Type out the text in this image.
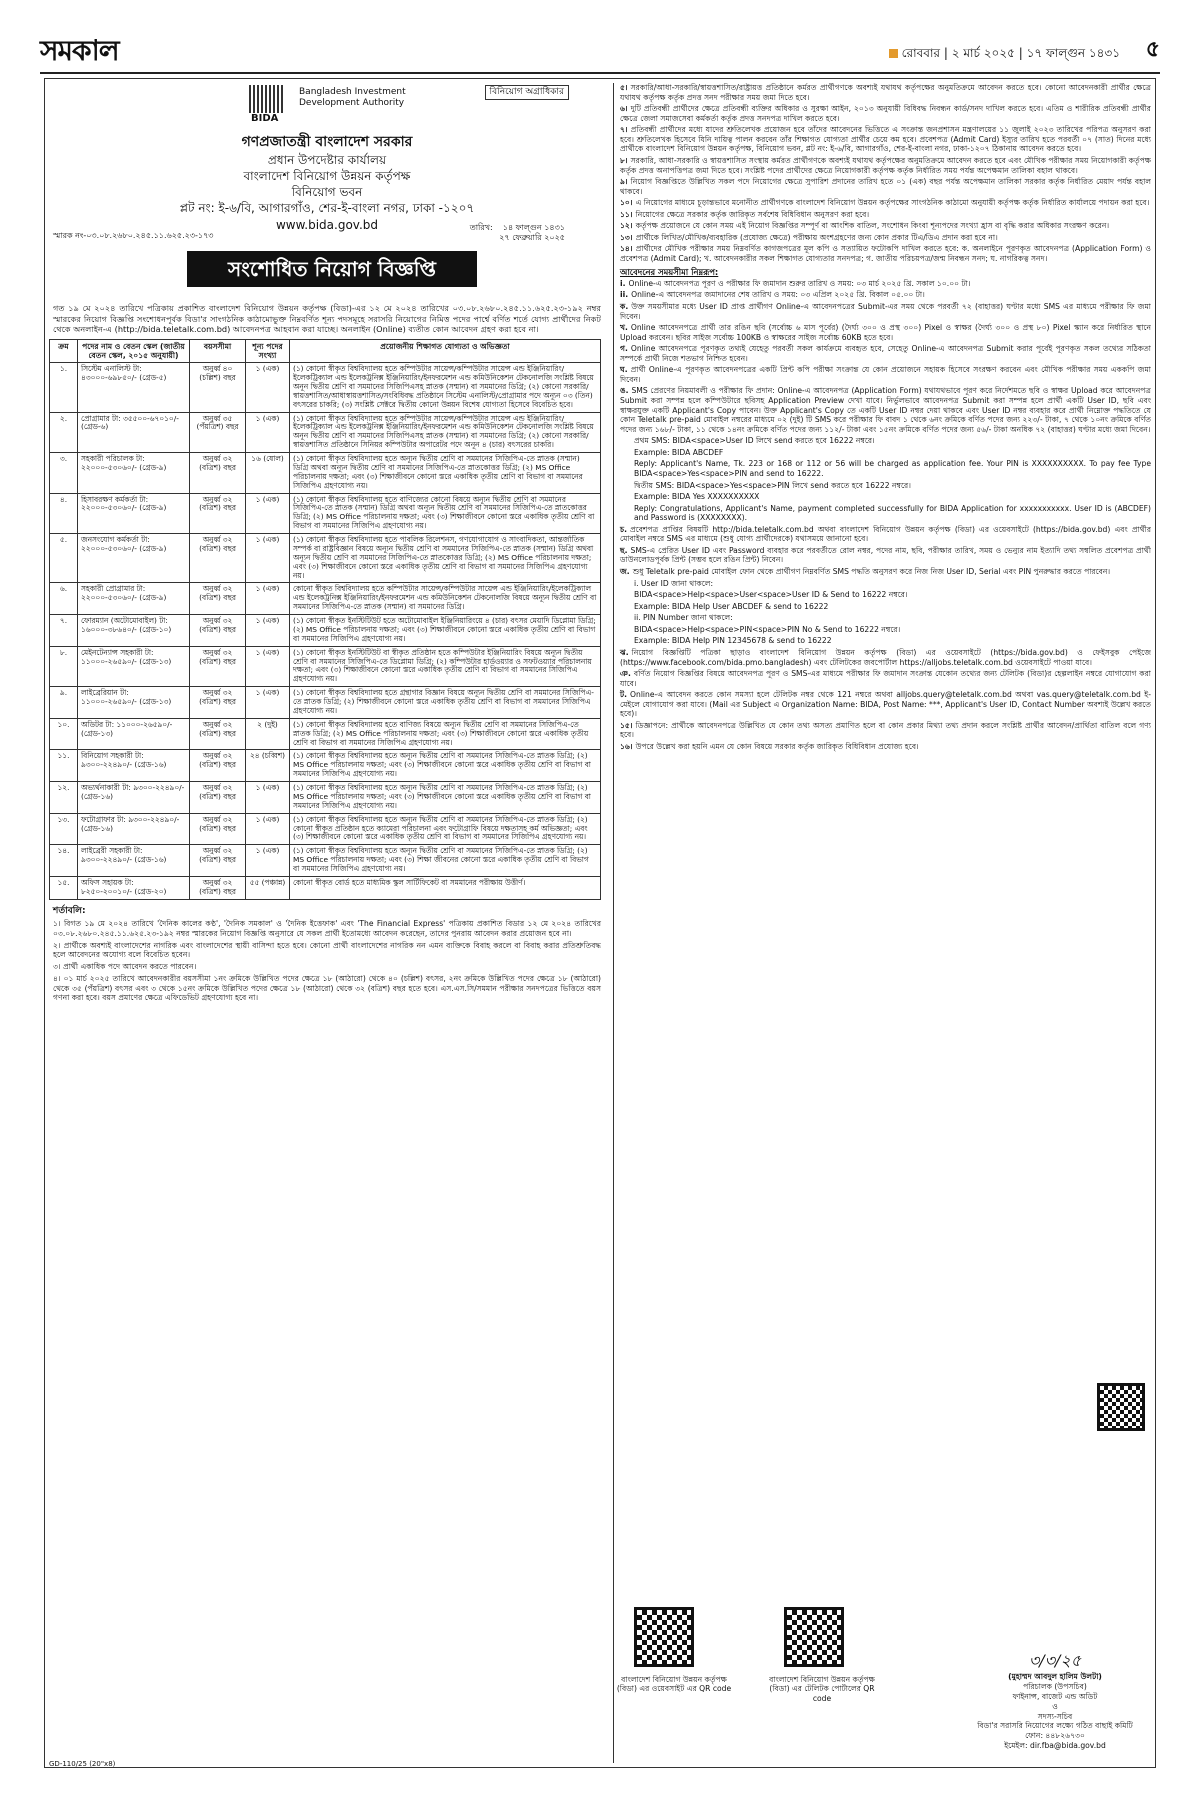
সমকাল	রোববার | ২ মার্চ ২০২৫ | ১৭ ফাল্গুন ১৪৩১ ৫
BIDA
Bangladesh Investment Development Authority
বিনিয়োগ অগ্রাধিকার
গণপ্রজাতন্ত্রী বাংলাদেশ সরকার
প্রধান উপদেষ্টার কার্যালয়
বাংলাদেশ বিনিয়োগ উন্নয়ন কর্তৃপক্ষ
বিনিয়োগ ভবন
প্লট নং: ই-৬/বি, আগারগাঁও, শের-ই-বাংলা নগর, ঢাকা -১২০৭
www.bida.gov.bd
স্মারক নং-০৩.০৮.২৬৮০.২৪৫.১১.৬২৫.২৩-১৭৩
তারিখ: ১৪ ফাল্গুন ১৪৩১
২৭ ফেব্রুয়ারি ২০২৫
সংশোধিত নিয়োগ বিজ্ঞপ্তি
গত ১৯ মে ২০২৪ তারিখে পত্রিকায় প্রকাশিত বাংলাদেশ বিনিয়োগ উন্নয়ন কর্তৃপক্ষ (বিডা)-এর ১২ মে ২০২৪ তারিখের ০৩.০৮.২৬৮০.২৪৫.১১.৬২৫.২৩-১৯২ নম্বর স্মারকের নিয়োগ বিজ্ঞপ্তি সংশোধনপূর্বক বিডা'র সাংগঠনিক কাঠামোভুক্ত নিম্নবর্ণিত শূন্য পদসমূহে সরাসরি নিয়োগের নিমিত্ত পদের পার্শ্বে বর্ণিত শর্তে যোগ্য প্রার্থীদের নিকট থেকে অনলাইন-এ (http://bida.teletalk.com.bd) আবেদনপত্র আহবান করা যাচ্ছে। অনলাইন (Online) ব্যতীত কোন আবেদন গ্রহণ করা হবে না।
ক্রম	পদের নাম ও বেতন স্কেল (জাতীয় বেতন স্কেল, ২০১৫ অনুযায়ী)	বয়সসীমা	শূন্য পদের সংখ্যা	প্রয়োজনীয় শিক্ষাগত যোগ্যতা ও অভিজ্ঞতা
১.	সিস্টেম এনালিস্ট টা: ৪৩০০০-৬৯৮৫০/- (গ্রেড-৫)	অনুর্ধ্ব ৪০ (চল্লিশ) বছর	১ (এক)	(১) কোনো স্বীকৃত বিশ্ববিদ্যালয় হতে কম্পিউটার সায়েন্স/কম্পিউটার সায়েন্স এন্ড ইঞ্জিনিয়ারিং/ইলেকট্রিক্যাল এন্ড ইলেকট্রনিক্স ইঞ্জিনিয়ারিং/ইনফরমেশন এন্ড কমিউনিকেশন টেকনোলজি সংশ্লিষ্ট বিষয়ে অনূন দ্বিতীয় শ্রেণি বা সমমানের সিজিপিএসহ স্নাতক (সম্মান) বা সমমানের ডিগ্রি; (২) কোনো সরকারি/স্বায়ত্তশাসিত/আধাস্বায়ত্তশাসিত/সংবিধিবদ্ধ প্রতিষ্ঠানে সিস্টেম এনালিস্ট/প্রোগ্রামার পদে অন্যূন ০৩ (তিন) বৎসরের চাকরি; (৩) সংশ্লিষ্ট সেক্টরে দ্বিতীয় কোনো উন্নয়ন বিশেষ যোগ্যতা হিসেবে বিবেচিত হবে।
২.	প্রোগ্রামার টা: ৩৫৫০০-৬৭০১০/- (গ্রেড-৬)	অনুর্ধ্ব ৩৫ (পঁয়ত্রিশ) বছর	১ (এক)	(১) কোনো স্বীকৃত বিশ্ববিদ্যালয় হতে কম্পিউটার সায়েন্স/কম্পিউটার সায়েন্স এন্ড ইঞ্জিনিয়ারিং/ইলেকট্রিক্যাল এন্ড ইলেকট্রনিক্স ইঞ্জিনিয়ারিং/ইনফরমেশন এন্ড কমিউনিকেশন টেকনোলজি সংশ্লিষ্ট বিষয়ে অনূন দ্বিতীয় শ্রেণি বা সমমানের সিজিপিএসহ স্নাতক (সম্মান) বা সমমানের ডিগ্রি; (২) কোনো সরকারি/স্বায়ত্তশাসিত প্রতিষ্ঠানে সিনিয়র কম্পিউটার অপারেটর পদে অনূন ৪ (চার) বৎসরের চাকরি।
৩.	সহকারী পরিচালক টা: ২২০০০-৫৩০৬০/- (গ্রেড-৯)	অনুর্ধ্ব ৩২ (বত্রিশ) বছর	১৬ (ষোল)	(১) কোনো স্বীকৃত বিশ্ববিদ্যালয় হতে অন্যূন দ্বিতীয় শ্রেণি বা সমমানের সিজিপিএ-তে স্নাতক (সম্মান) ডিগ্রি অথবা অন্যূন দ্বিতীয় শ্রেণি বা সমমানের সিজিপিএ-তে স্নাতকোত্তর ডিগ্রি; (২) MS Office পরিচালনায় দক্ষতা; এবং (৩) শিক্ষাজীবনে কোনো স্তরে একাধিক তৃতীয় শ্রেণি বা বিভাগ বা সমমানের সিজিপিএ গ্রহণযোগ্য নয়।
৪.	হিসাবরক্ষণ কর্মকর্তা টা: ২২০০০-৫৩০৬০/- (গ্রেড-৯)	অনুর্ধ্ব ৩২ (বত্রিশ) বছর	১ (এক)	(১) কোনো স্বীকৃত বিশ্ববিদ্যালয় হতে বাণিজ্যের কোনো বিষয়ে অন্যূন দ্বিতীয় শ্রেণি বা সমমানের সিজিপিএ-তে স্নাতক (সম্মান) ডিগ্রি অথবা অন্যূন দ্বিতীয় শ্রেণি বা সমমানের সিজিপিএ-তে স্নাতকোত্তর ডিগ্রি; (২) MS Office পরিচালনায় দক্ষতা; এবং (৩) শিক্ষাজীবনে কোনো স্তরে একাধিক তৃতীয় শ্রেণি বা বিভাগ বা সমমানের সিজিপিএ গ্রহণযোগ্য নয়।
৫.	জনসংযোগ কর্মকর্তা টা: ২২০০০-৫৩০৬০/- (গ্রেড-৯)	অনুর্ধ্ব ৩২ (বত্রিশ) বছর	১ (এক)	(১) কোনো স্বীকৃত বিশ্ববিদ্যালয় হতে পাবলিক রিলেশনস, গণযোগাযোগ ও সাংবাদিকতা, আন্তর্জাতিক সম্পর্ক বা রাষ্ট্রবিজ্ঞান বিষয়ে অন্যূন দ্বিতীয় শ্রেণি বা সমমানের সিজিপিএ-তে স্নাতক (সম্মান) ডিগ্রি অথবা অন্যূন দ্বিতীয় শ্রেণি বা সমমানের সিজিপিএ-তে স্নাতকোত্তর ডিগ্রি; (২) MS Office পরিচালনায় দক্ষতা; এবং (৩) শিক্ষাজীবনে কোনো স্তরে একাধিক তৃতীয় শ্রেণি বা বিভাগ বা সমমানের সিজিপিএ গ্রহণযোগ্য নয়।
৬.	সহকারী প্রোগ্রামার টা: ২২০০০-৫৩০৬০/- (গ্রেড-৯)	অনুর্ধ্ব ৩২ (বত্রিশ) বছর	১ (এক)	কোনো স্বীকৃত বিশ্ববিদ্যালয় হতে কম্পিউটার সায়েন্স/কম্পিউটার সায়েন্স এন্ড ইঞ্জিনিয়ারিং/ইলেকট্রিক্যাল এন্ড ইলেকট্রনিক্স ইঞ্জিনিয়ারিং/ইনফরমেশন এন্ড কমিউনিকেশন টেকনোলজি বিষয়ে অন্যূন দ্বিতীয় শ্রেণি বা সমমানের সিজিপিএ-তে স্নাতক (সম্মান) বা সমমানের ডিগ্রি।
৭.	ফোরম্যান (অটোমোবাইল) টা: ১৬০০০-৩৮৬৪০/- (গ্রেড-১০)	অনুর্ধ্ব ৩২ (বত্রিশ) বছর	১ (এক)	(১) কোনো স্বীকৃত ইনস্টিটিউট হতে অটোমোবাইল ইঞ্জিনিয়ারিংয়ে ৪ (চার) বৎসর মেয়াদি ডিপ্লোমা ডিগ্রি; (২) MS Office পরিচালনায় দক্ষতা; এবং (৩) শিক্ষাজীবনে কোনো স্তরে একাধিক তৃতীয় শ্রেণি বা বিভাগ বা সমমানের সিজিপিএ গ্রহণযোগ্য নয়।
৮.	মেইনটেন্যান্স সহকারী টা: ১১০০০-২৬৫৯০/- (গ্রেড-১৩)	অনুর্ধ্ব ৩২ (বত্রিশ) বছর	১ (এক)	(১) কোনো স্বীকৃত ইনস্টিটিউট বা স্বীকৃত প্রতিষ্ঠান হতে কম্পিউটার ইঞ্জিনিয়ারিং বিষয়ে অন্যূন দ্বিতীয় শ্রেণি বা সমমানের সিজিপিএ-তে ডিপ্লোমা ডিগ্রি; (২) কম্পিউটার হার্ডওয়্যার ও সফটওয়্যার পরিচালনায় দক্ষতা; এবং (৩) শিক্ষাজীবনে কোনো স্তরে একাধিক তৃতীয় শ্রেণি বা বিভাগ বা সমমানের সিজিপিএ গ্রহণযোগ্য নয়।
৯.	লাইব্রেরিয়ান টা: ১১০০০-২৬৫৯০/- (গ্রেড-১৩)	অনুর্ধ্ব ৩২ (বত্রিশ) বছর	১ (এক)	(১) কোনো স্বীকৃত বিশ্ববিদ্যালয় হতে গ্রন্থাগার বিজ্ঞান বিষয়ে অন্যূন দ্বিতীয় শ্রেণি বা সমমানের সিজিপিএ-তে স্নাতক ডিগ্রি; (২) শিক্ষাজীবনে কোনো স্তরে একাধিক তৃতীয় শ্রেণি বা বিভাগ বা সমমানের সিজিপিএ গ্রহণযোগ্য নয়।
১০.	অডিটর টা: ১১০০০-২৬৫৯০/- (গ্রেড-১৩)	অনুর্ধ্ব ৩২ (বত্রিশ) বছর	২ (দুই)	(১) কোনো স্বীকৃত বিশ্ববিদ্যালয় হতে বাণিজ্য বিষয়ে অন্যূন দ্বিতীয় শ্রেণি বা সমমানের সিজিপিএ-তে স্নাতক ডিগ্রি; (২) MS Office পরিচালনায় দক্ষতা; এবং (৩) শিক্ষাজীবনে কোনো স্তরে একাধিক তৃতীয় শ্রেণি বা বিভাগ বা সমমানের সিজিপিএ গ্রহণযোগ্য নয়।
১১.	বিনিয়োগ সহকারী টা: ৯৩০০-২২৪৯০/- (গ্রেড-১৬)	অনুর্ধ্ব ৩২ (বত্রিশ) বছর	২৪ (চব্বিশ)	(১) কোনো স্বীকৃত বিশ্ববিদ্যালয় হতে অন্যূন দ্বিতীয় শ্রেণি বা সমমানের সিজিপিএ-তে স্নাতক ডিগ্রি; (২) MS Office পরিচালনায় দক্ষতা; এবং (৩) শিক্ষাজীবনে কোনো স্তরে একাধিক তৃতীয় শ্রেণি বা বিভাগ বা সমমানের সিজিপিএ গ্রহণযোগ্য নয়।
১২.	অভ্যর্থনাকারী টা: ৯৩০০-২২৪৯০/- (গ্রেড-১৬)	অনুর্ধ্ব ৩২ (বত্রিশ) বছর	১ (এক)	(১) কোনো স্বীকৃত বিশ্ববিদ্যালয় হতে অন্যূন দ্বিতীয় শ্রেণি বা সমমানের সিজিপিএ-তে স্নাতক ডিগ্রি; (২) MS Office পরিচালনায় দক্ষতা; এবং (৩) শিক্ষাজীবনে কোনো স্তরে একাধিক তৃতীয় শ্রেণি বা বিভাগ বা সমমানের সিজিপিএ গ্রহণযোগ্য নয়।
১৩.	ফটোগ্রাফার টা: ৯৩০০-২২৪৯০/- (গ্রেড-১৬)	অনুর্ধ্ব ৩২ (বত্রিশ) বছর	১ (এক)	(১) কোনো স্বীকৃত বিশ্ববিদ্যালয় হতে অন্যূন দ্বিতীয় শ্রেণি বা সমমানের সিজিপিএ-তে স্নাতক ডিগ্রি; (২) কোনো স্বীকৃত প্রতিষ্ঠান হতে ক্যামেরা পরিচালনা এবং ফটোগ্রাফি বিষয়ে দক্ষতাসহ কর্ম অভিজ্ঞতা; এবং (৩) শিক্ষাজীবনে কোনো স্তরে একাধিক তৃতীয় শ্রেণি বা বিভাগ বা সমমানের সিজিপিএ গ্রহণযোগ্য নয়।
১৪.	লাইব্রেরী সহকারী টা: ৯৩০০-২২৪৯০/- (গ্রেড-১৬)	অনুর্ধ্ব ৩২ (বত্রিশ) বছর	১ (এক)	(১) কোনো স্বীকৃত বিশ্ববিদ্যালয় হতে অন্যূন দ্বিতীয় শ্রেণি বা সমমানের সিজিপিএ-তে স্নাতক ডিগ্রি; (২) MS Office পরিচালনায় দক্ষতা; এবং (৩) শিক্ষা জীবনের কোনো স্তরে একাধিক তৃতীয় শ্রেণি বা বিভাগ বা সমমানের সিজিপিএ গ্রহণযোগ্য নয়।
১৫.	অফিস সহায়ক টা: ৮২৫০-২০০১০/- (গ্রেড-২০)	অনুর্ধ্ব ৩২ (বত্রিশ) বছর	৫৫ (পঞ্চান্ন)	কোনো স্বীকৃত বোর্ড হতে মাধ্যমিক স্কুল সার্টিফিকেট বা সমমানের পরীক্ষায় উত্তীর্ণ।
শর্তাবলি:

১। বিগত ১৯ মে ২০২৪ তারিখে 'দৈনিক কালের কণ্ঠ', 'দৈনিক সমকাল' ও 'দৈনিক ইত্তেফাক' এবং 'The Financial Express' পত্রিকায় প্রকাশিত বিডার ১২ মে ২০২৪ তারিখের ০৩.০৮.২৬৮০.২৪৫.১১.৬২৫.২৩-১৯২ নম্বর স্মারকের নিয়োগ বিজ্ঞপ্তি অনুসারে যে সকল প্রার্থী ইতোমধ্যে আবেদন করেছেন, তাদের পুনরায় আবেদন করার প্রয়োজন হবে না।

২। প্রার্থীকে অবশ্যই বাংলাদেশের নাগরিক এবং বাংলাদেশের স্থায়ী বাসিন্দা হতে হবে। কোনো প্রার্থী বাংলাদেশের নাগরিক নন এমন ব্যক্তিকে বিবাহ করলে বা বিবাহ করার প্রতিশ্রুতিবদ্ধ হলে আবেদনের অযোগ্য বলে বিবেচিত হবেন।

৩। প্রার্থী একাধিক পদে আবেদন করতে পারবেন।

৪। ০১ মার্চ ২০২৫ তারিখে আবেদনকারীর বয়সসীমা ১নং ক্রমিকে উল্লিখিত পদের ক্ষেত্রে ১৮ (আঠারো) থেকে ৪০ (চল্লিশ) বৎসর, ২নং ক্রমিকে উল্লিখিত পদের ক্ষেত্রে ১৮ (আঠারো) থেকে ৩৫ (পঁয়ত্রিশ) বৎসর এবং ৩ থেকে ১৫নং ক্রমিকে উল্লিখিত পদের ক্ষেত্রে ১৮ (আঠারো) থেকে ৩২ (বত্রিশ) বছর হতে হবে। এস.এস.সি/সমমান পরীক্ষার সনদপত্রের ভিত্তিতে বয়স গণনা করা হবে। বয়স প্রমাণের ক্ষেত্রে এফিডেভিট গ্রহণযোগ্য হবে না।

৫। সরকারি/আধা-সরকারি/স্বায়ত্তশাসিত/রাষ্ট্রায়ত্ত প্রতিষ্ঠানে কর্মরত প্রার্থীগণকে অবশ্যই যথাযথ কর্তৃপক্ষের অনুমতিক্রমে আবেদন করতে হবে। কোনো আবেদনকারী প্রার্থীর ক্ষেত্রে যথাযথ কর্তৃপক্ষ কর্তৃক প্রদত্ত সনদ পরীক্ষার সময় জমা দিতে হবে।
৬। দুটি প্রতিবন্ধী প্রার্থীদের ক্ষেত্রে প্রতিবন্ধী ব্যক্তির অধিকার ও সুরক্ষা আইন, ২০১৩ অনুযায়ী বিধিবদ্ধ নিবন্ধন কার্ড/সনদ দাখিল করতে হবে। এতিম ও শারীরিক প্রতিবন্ধী প্রার্থীর ক্ষেত্রে জেলা সমাজসেবা কর্মকর্তা কর্তৃক প্রদত্ত সনদপত্র দাখিল করতে হবে।
৭। প্রতিবন্ধী প্রার্থীদের মধ্যে যাদের শ্রুতিলেখক প্রয়োজন হবে তাঁদের আবেদনের ভিত্তিতে এ সংক্রান্ত জনপ্রশাসন মন্ত্রণালয়ের ১১ জুলাই ২০২৩ তারিখের পরিপত্র অনুসরণ করা হবে। শ্রুতিলেখক হিসেবে যিনি দায়িত্ব পালন করবেন তাঁর শিক্ষাগত যোগ্যতা প্রার্থীর চেয়ে কম হবে। প্রবেশপত্র (Admit Card) ইস্যুর তারিখ হতে পরবর্তী ০৭ (সাত) দিনের মধ্যে প্রার্থীকে বাংলাদেশ বিনিয়োগ উন্নয়ন কর্তৃপক্ষ, বিনিয়োগ ভবন, প্লট নং: ই-৬/বি, আগারগাঁও, শের-ই-বাংলা নগর, ঢাকা-১২০৭ ঠিকানায় আবেদন করতে হবে।
৮। সরকারি, আধা-সরকারি ও স্বায়ত্তশাসিত সংস্থায় কর্মরত প্রার্থীগণকে অবশ্যই যথাযথ কর্তৃপক্ষের অনুমতিক্রমে আবেদন করতে হবে এবং মৌখিক পরীক্ষার সময় নিয়োগকারী কর্তৃপক্ষ কর্তৃক প্রদত্ত অনাপত্তিপত্র জমা দিতে হবে। সংশ্লিষ্ট পদের প্রার্থীদের ক্ষেত্রে নিয়োগকারী কর্তৃপক্ষ কর্তৃক নির্ধারিত সময় পর্যন্ত অপেক্ষমান তালিকা বহাল থাকবে।
৯। নিয়োগ বিজ্ঞপ্তিতে উল্লিখিত সকল পদে নিয়োগের ক্ষেত্রে সুপারিশ প্রদানের তারিখ হতে ০১ (এক) বছর পর্যন্ত অপেক্ষমান তালিকা সরকার কর্তৃক নির্ধারিত মেয়াদ পর্যন্ত বহাল থাকবে।
১০। এ নিয়োগের মাধ্যমে চূড়ান্তভাবে মনোনীত প্রার্থীগণকে বাংলাদেশ বিনিয়োগ উন্নয়ন কর্তৃপক্ষের সাংগঠনিক কাঠামো অনুযায়ী কর্তৃপক্ষ কর্তৃক নির্ধারিত কার্যালয়ে পদায়ন করা হবে।
১১। নিয়োগের ক্ষেত্রে সরকার কর্তৃক জারিকৃত সর্বশেষ বিধিবিধান অনুসরণ করা হবে।
১২। কর্তৃপক্ষ প্রয়োজনে যে কোন সময় এই নিয়োগ বিজ্ঞপ্তির সম্পূর্ণ বা আংশিক বাতিল, সংশোধন কিংবা শূন্যপদের সংখ্যা হ্রাস বা বৃদ্ধি করার অধিকার সংরক্ষণ করেন।
১৩। প্রার্থীকে লিখিত/মৌখিক/ব্যবহারিক (প্রযোজ্য ক্ষেত্রে) পরীক্ষায় অংশগ্রহণের জন্য কোন প্রকার টিএ/ডিএ প্রদান করা হবে না।
১৪। প্রার্থীদের মৌখিক পরীক্ষার সময় নিম্নবর্ণিত কাগজপত্রের মূল কপি ও সত্যায়িত ফটোকপি দাখিল করতে হবে: ক. অনলাইনে পূরণকৃত আবেদনপত্র (Application Form) ও প্রবেশপত্র (Admit Card); খ. আবেদনকারীর সকল শিক্ষাগত যোগ্যতার সনদপত্র; গ. জাতীয় পরিচয়পত্র/জন্ম নিবন্ধন সনদ; ঘ. নাগরিকত্ব সনদ।
আবেদনের সময়সীমা নিম্নরূপ:
i. Online-এ আবেদনপত্র পূরণ ও পরীক্ষার ফি জমাদান শুরুর তারিখ ও সময়: ০৩ মার্চ ২০২৫ খ্রি. সকাল ১০.০০ টা।
ii. Online-এ আবেদনপত্র জমাদানের শেষ তারিখ ও সময়: ০৩ এপ্রিল ২০২৫ খ্রি. বিকাল ০৫.০০ টা।
ক. উক্ত সময়সীমার মধ্যে User ID প্রাপ্ত প্রার্থীগণ Online-এ আবেদনপত্রের Submit-এর সময় থেকে পরবর্তী ৭২ (বাহাত্তর) ঘণ্টার মধ্যে SMS এর মাধ্যমে পরীক্ষার ফি জমা দিবেন।
খ. Online আবেদনপত্রে প্রার্থী তার রঙিন ছবি (সর্বোচ্চ ৬ মাস পূর্বের) (দৈর্ঘ্য ৩০০ ও প্রস্থ ৩০০) Pixel ও স্বাক্ষর (দৈর্ঘ্য ৩০০ ও প্রস্থ ৮০) Pixel স্ক্যান করে নির্ধারিত স্থানে Upload করবেন। ছবির সাইজ সর্বোচ্চ 100KB ও স্বাক্ষরের সাইজ সর্বোচ্চ 60KB হতে হবে।
গ. Online আবেদনপত্রে পূরণকৃত তথ্যই যেহেতু পরবর্তী সকল কার্যক্রমে ব্যবহৃত হবে, সেহেতু Online-এ আবেদনপত্র Submit করার পূর্বেই পূরণকৃত সকল তথ্যের সঠিকতা সম্পর্কে প্রার্থী নিজে শতভাগ নিশ্চিত হবেন।
ঘ. প্রার্থী Online-এ পূরণকৃত আবেদনপত্রের একটি প্রিন্ট কপি পরীক্ষা সংক্রান্ত যে কোন প্রয়োজনে সহায়ক হিসেবে সংরক্ষণ করবেন এবং মৌখিক পরীক্ষার সময় এককপি জমা দিবেন।
ঙ. SMS প্রেরণের নিয়মাবলী ও পরীক্ষার ফি প্রদান: Online-এ আবেদনপত্র (Application Form) যথাযথভাবে পূরণ করে নির্দেশমতে ছবি ও স্বাক্ষর Upload করে আবেদনপত্র Submit করা সম্পন্ন হলে কম্পিউটারে ছবিসহ Application Preview দেখা যাবে। নির্ভুলভাবে আবেদনপত্র Submit করা সম্পন্ন হলে প্রার্থী একটি User ID, ছবি এবং স্বাক্ষরযুক্ত একটি Applicant's Copy পাবেন। উক্ত Applicant's Copy তে একটি User ID নম্বর দেয়া থাকবে এবং User ID নম্বর ব্যবহার করে প্রার্থী নিম্নোক্ত পদ্ধতিতে যে কোন Teletalk pre-paid মোবাইল নম্বরের মাধ্যমে ০২ (দুই) টি SMS করে পরীক্ষার ফি বাবদ ১ থেকে ৬নং ক্রমিকে বর্ণিত পদের জন্য ২২৩/- টাকা, ৭ থেকে ১০নং ক্রমিকে বর্ণিত পদের জন্য ১৬৮/- টাকা, ১১ থেকে ১৪নং ক্রমিকে বর্ণিত পদের জন্য ১১২/- টাকা এবং ১৫নং ক্রমিকে বর্ণিত পদের জন্য ৫৬/- টাকা অনধিক ৭২ (বাহাত্তর) ঘণ্টার মধ্যে জমা দিবেন।
প্রথম SMS: BIDA<space>User ID লিখে send করতে হবে 16222 নম্বরে।
Example: BIDA ABCDEF
Reply: Applicant's Name, Tk. 223 or 168 or 112 or 56 will be charged as application fee. Your PIN is XXXXXXXXXX. To pay fee Type BIDA<space>Yes<space>PIN and send to 16222.
দ্বিতীয় SMS: BIDA<space>Yes<space>PIN লিখে send করতে হবে 16222 নম্বরে।
Example: BIDA Yes XXXXXXXXXX
Reply: Congratulations, Applicant's Name, payment completed successfully for BIDA Application for xxxxxxxxxxx. User ID is (ABCDEF) and Password is (XXXXXXXX).
চ. প্রবেশপত্র প্রাপ্তির বিষয়টি http://bida.teletalk.com.bd অথবা বাংলাদেশ বিনিয়োগ উন্নয়ন কর্তৃপক্ষ (বিডা) এর ওয়েবসাইটে (https://bida.gov.bd) এবং প্রার্থীর মোবাইল নম্বরে SMS এর মাধ্যমে (শুধু যোগ্য প্রার্থীদেরকে) যথাসময়ে জানানো হবে।
ছ. SMS-এ প্রেরিত User ID এবং Password ব্যবহার করে পরবর্তীতে রোল নম্বর, পদের নাম, ছবি, পরীক্ষার তারিখ, সময় ও ভেন্যুর নাম ইত্যাদি তথ্য সম্বলিত প্রবেশপত্র প্রার্থী ডাউনলোডপূর্বক প্রিন্ট (সম্ভব হলে রঙিন প্রিন্ট) নিবেন।
জ. শুধু Teletalk pre-paid মোবাইল ফোন থেকে প্রার্থীগণ নিম্নবর্ণিত SMS পদ্ধতি অনুসরণ করে নিজ নিজ User ID, Serial এবং PIN পুনরুদ্ধার করতে পারবেন।
i. User ID জানা থাকলে:
BIDA<space>Help<space>User<space>User ID & Send to 16222 নম্বরে।
Example: BIDA Help User ABCDEF & send to 16222
ii. PIN Number জানা থাকলে:
BIDA<space>Help<space>PIN<space>PIN No & Send to 16222 নম্বরে।
Example: BIDA Help PIN 12345678 & send to 16222
ঝ. নিয়োগ বিজ্ঞপ্তিটি পত্রিকা ছাড়াও বাংলাদেশ বিনিয়োগ উন্নয়ন কর্তৃপক্ষ (বিডা) এর ওয়েবসাইটে (https://bida.gov.bd) ও ফেইসবুক পেইজে (https://www.facebook.com/bida.pmo.bangladesh) এবং টেলিটকের জবপোর্টাল https://alljobs.teletalk.com.bd ওয়েবসাইটে পাওয়া যাবে।
ঞ. বর্ণিত নিয়োগ বিজ্ঞপ্তির বিষয়ে আবেদনপত্র পূরণ ও SMS-এর মাধ্যমে পরীক্ষার ফি জমাদান সংক্রান্ত যেকোন তথ্যের জন্য টেলিটক (বিডা)র হেল্পলাইন নম্বরে যোগাযোগ করা যাবে।
ট. Online-এ আবেদন করতে কোন সমস্যা হলে টেলিটক নম্বর থেকে 121 নম্বরে অথবা alljobs.query@teletalk.com.bd অথবা vas.query@teletalk.com.bd ই-মেইলে যোগাযোগ করা যাবে। (Mail এর Subject এ Organization Name: BIDA, Post Name: ***, Applicant's User ID, Contact Number অবশ্যই উল্লেখ করতে হবে)।
১৫। ডিজ্ঞাপনে: প্রার্থীকে আবেদনপত্রে উল্লিখিত যে কোন তথ্য অসত্য প্রমাণিত হলে বা কোন প্রকার মিথ্যা তথ্য প্রদান করলে সংশ্লিষ্ট প্রার্থীর আবেদন/প্রার্থিতা বাতিল বলে গণ্য হবে।
১৬। উপরে উল্লেখ করা হয়নি এমন যে কোন বিষয়ে সরকার কর্তৃক জারিকৃত বিধিবিধান প্রযোজ্য হবে।
বাংলাদেশ বিনিয়োগ উন্নয়ন কর্তৃপক্ষ (বিডা) এর ওয়েবসাইট এর QR code
বাংলাদেশ বিনিয়োগ উন্নয়ন কর্তৃপক্ষ (বিডা) এর টেলিটক পোর্টালের QR code
৩/৩/২৫
(মুহাম্মদ আবদুল হালিম উলটা)
পরিচালক (উপসচিব)
ফাইনান্স, বাজেট এন্ড অডিট
ও
সদস্য-সচিব
বিডা'র সরাসরি নিয়োগের লক্ষ্যে গঠিত বাছাই কমিটি
ফোন: ৪৪৮২৬৭৩০
ইমেইল: dir.fba@bida.gov.bd
GD-110/25 (20"x8)
